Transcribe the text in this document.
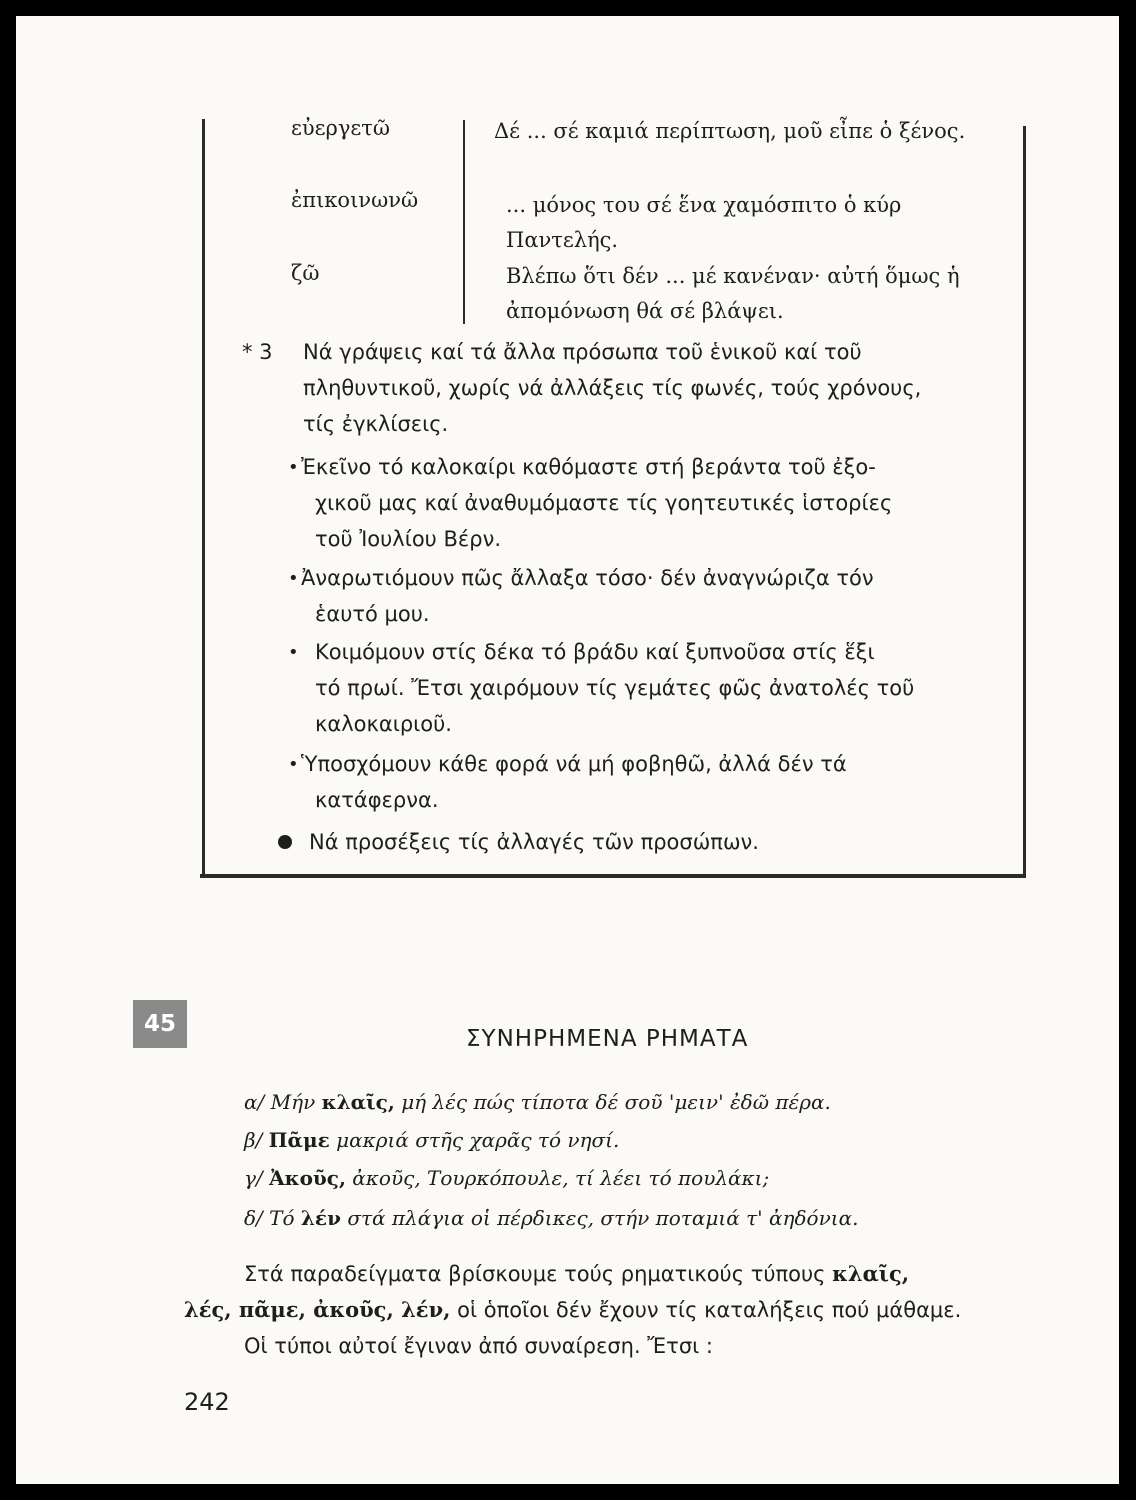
εὐεργετῶ	Δέ ... σέ καμιά περίπτωση, μοῦ εἶπε ὁ ξένος.
ἐπικοινωνῶ	... μόνος του σέ ἕνα χαμόσπιτο ὁ κύρ Παντελής.
ζῶ	Βλέπω ὅτι δέν ... μέ κανέναν· αὐτή ὅμως ἡ ἀπομόνωση θά σέ βλάψει.
* 3 Νά γράψεις καί τά ἄλλα πρόσωπα τοῦ ἑνικοῦ καί τοῦ
πληθυντικοῦ, χωρίς νά ἀλλάξεις τίς φωνές, τούς χρόνους,
τίς ἐγκλίσεις.
• Ἐκεῖνο τό καλοκαίρι καθόμαστε στή βεράντα τοῦ ἐξο-
χικοῦ μας καί ἀναθυμόμαστε τίς γοητευτικές ἱστορίες
τοῦ Ἰουλίου Βέρν.
• Ἀναρωτιόμουν πῶς ἄλλαξα τόσο· δέν ἀναγνώριζα τόν
ἑαυτό μου.
• Κοιμόμουν στίς δέκα τό βράδυ καί ξυπνοῦσα στίς ἕξι
τό πρωί. Ἔτσι χαιρόμουν τίς γεμάτες φῶς ἀνατολές τοῦ
καλοκαιριοῦ.
• Ὑποσχόμουν κάθε φορά νά μή φοβηθῶ, ἀλλά δέν τά
κατάφερνα.
Νά προσέξεις τίς ἀλλαγές τῶν προσώπων.
45
ΣΥΝΗΡΗΜΕΝΑ ΡΗΜΑΤΑ
α/ Μήν κλαῖς, μή λές πώς τίποτα δέ σοῦ 'μειν' ἐδῶ πέρα.
β/ Πᾶμε μακριά στῆς χαρᾶς τό νησί.
γ/ Ἀκοῦς, ἀκοῦς, Τουρκόπουλε, τί λέει τό πουλάκι;
δ/ Τό λέν στά πλάγια οἱ πέρδικες, στήν ποταμιά τ' ἀηδόνια.
Στά παραδείγματα βρίσκουμε τούς ρηματικούς τύπους κλαῖς,
λές, πᾶμε, ἀκοῦς, λέν, οἱ ὁποῖοι δέν ἔχουν τίς καταλήξεις πού μάθαμε.
Οἱ τύποι αὐτοί ἔγιναν ἀπό συναίρεση. Ἔτσι :
242
